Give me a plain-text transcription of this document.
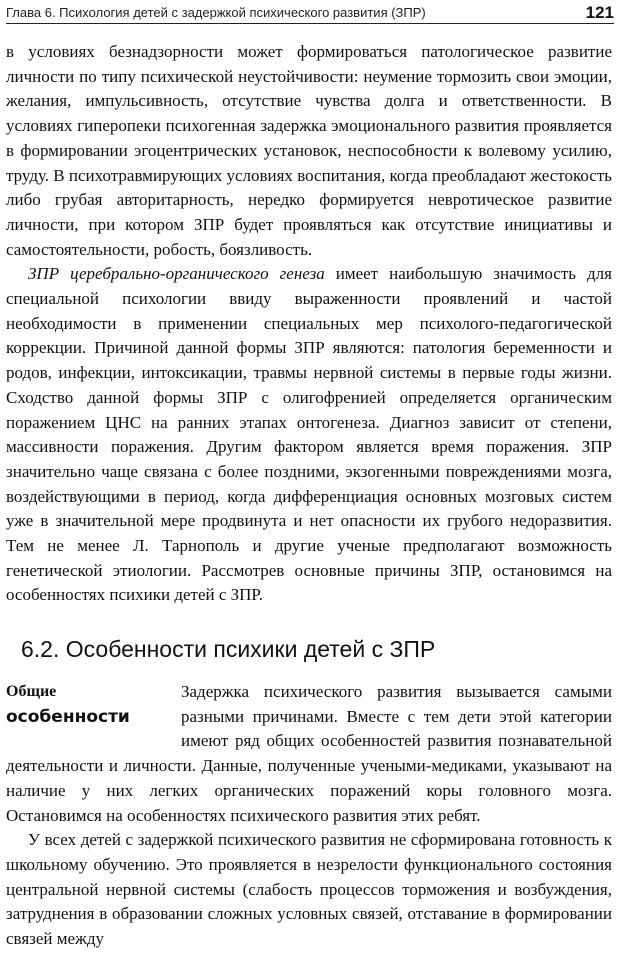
Глава 6. Психология детей с задержкой психического развития (ЗПР)	121

в условиях безнадзорности может формироваться патологическое развитие личности по типу психической неустойчивости: неумение тормозить свои эмоции, желания, импульсивность, отсутствие чувства долга и ответственности. В условиях гиперопеки психогенная задержка эмоционального развития проявляется в формировании эгоцентрических установок, неспособности к волевому усилию, труду. В психотравмирующих условиях воспитания, когда преобладают жестокость либо грубая авторитарность, нередко формируется невротическое развитие личности, при котором ЗПР будет проявляться как отсутствие инициативы и самостоятельности, робость, боязливость.

ЗПР церебрально-органического генеза имеет наибольшую значимость для специальной психологии ввиду выраженности проявлений и частой необходимости в применении специальных мер психолого-педагогической коррекции. Причиной данной формы ЗПР являются: патология беременности и родов, инфекции, интоксикации, травмы нервной системы в первые годы жизни. Сходство данной формы ЗПР с олигофренией определяется органическим поражением ЦНС на ранних этапах онтогенеза. Диагноз зависит от степени, массивности поражения. Другим фактором является время поражения. ЗПР значительно чаще связана с более поздними, экзогенными повреждениями мозга, воздействующими в период, когда дифференциация основных мозговых систем уже в значительной мере продвинута и нет опасности их грубого недоразвития. Тем не менее Л. Тарнополь и другие ученые предполагают возможность генетической этиологии. Рассмотрев основные причины ЗПР, остановимся на особенностях психики детей с ЗПР.

6.2. Особенности психики детей с ЗПР
Общие
особенности

Задержка психического развития вызывается самыми разными причинами. Вместе с тем дети этой категории имеют ряд общих особенностей развития познавательной деятельности и личности. Данные, полученные учеными-медиками, указывают на наличие у них легких органических поражений коры головного мозга. Остановимся на особенностях психического развития этих ребят.

У всех детей с задержкой психического развития не сформирована готовность к школьному обучению. Это проявляется в незрелости функционального состояния центральной нервной системы (слабость процессов торможения и возбуждения, затруднения в образовании сложных условных связей, отставание в формировании связей между
